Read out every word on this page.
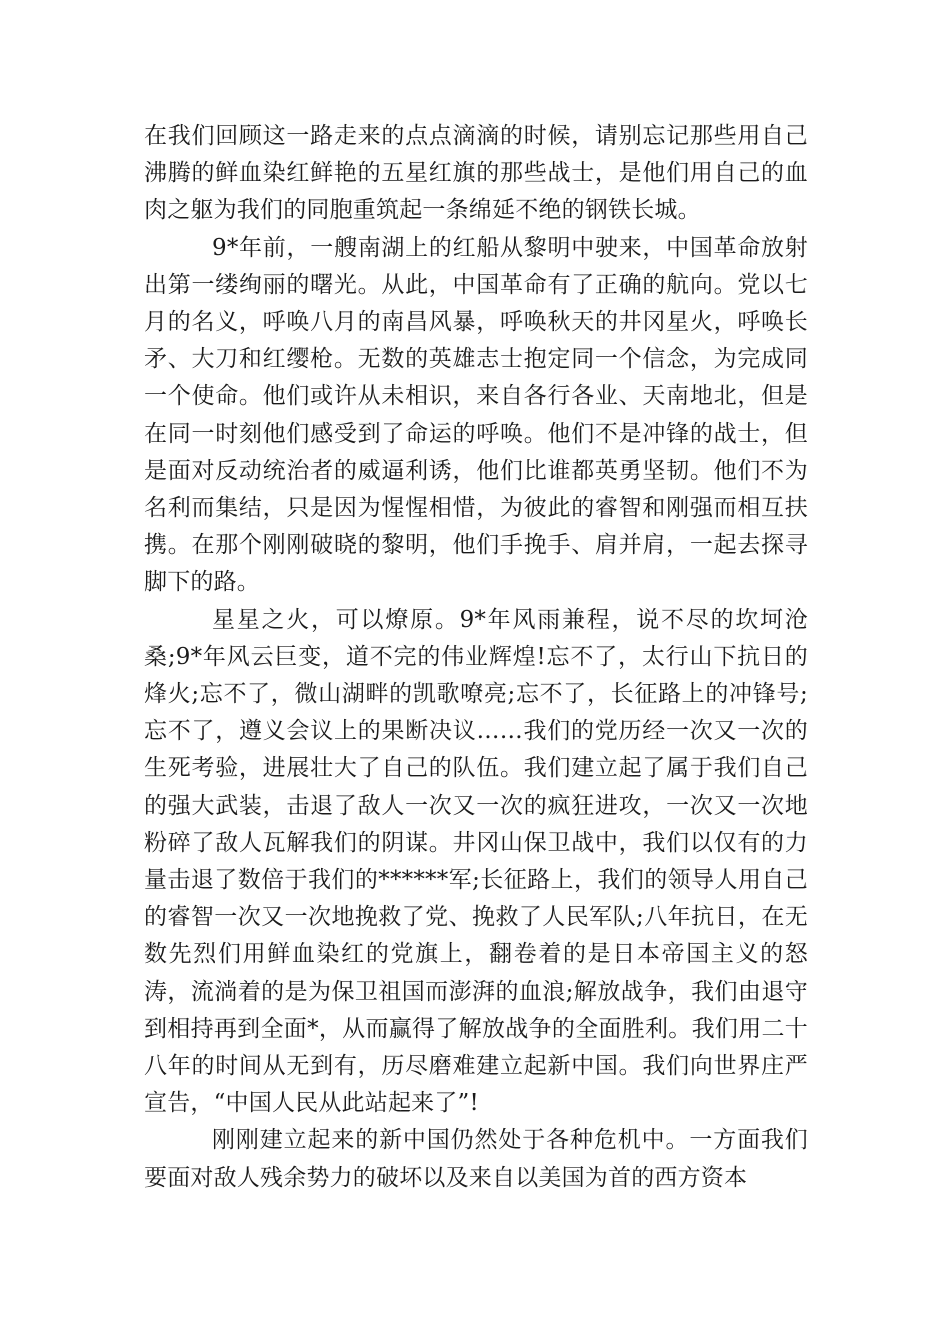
在我们回顾这一路走来的点点滴滴的时候，请别忘记那些用自己沸腾的鲜血染红鲜艳的五星红旗的那些战士，是他们用自己的血肉之躯为我们的同胞重筑起一条绵延不绝的钢铁长城。

9*年前，一艘南湖上的红船从黎明中驶来，中国革命放射出第一缕绚丽的曙光。从此，中国革命有了正确的航向。党以七月的名义，呼唤八月的南昌风暴，呼唤秋天的井冈星火，呼唤长矛、大刀和红缨枪。无数的英雄志士抱定同一个信念，为完成同一个使命。他们或许从未相识，来自各行各业、天南地北，但是在同一时刻他们感受到了命运的呼唤。他们不是冲锋的战士，但是面对反动统治者的威逼利诱，他们比谁都英勇坚韧。他们不为名利而集结，只是因为惺惺相惜，为彼此的睿智和刚强而相互扶携。在那个刚刚破晓的黎明，他们手挽手、肩并肩，一起去探寻脚下的路。

星星之火，可以燎原。9*年风雨兼程，说不尽的坎坷沧桑;9*年风云巨变，道不完的伟业辉煌!忘不了，太行山下抗日的烽火;忘不了，微山湖畔的凯歌嘹亮;忘不了，长征路上的冲锋号;忘不了，遵义会议上的果断决议……我们的党历经一次又一次的生死考验，进展壮大了自己的队伍。我们建立起了属于我们自己的强大武装，击退了敌人一次又一次的疯狂进攻，一次又一次地粉碎了敌人瓦解我们的阴谋。井冈山保卫战中，我们以仅有的力量击退了数倍于我们的******军;长征路上，我们的领导人用自己的睿智一次又一次地挽救了党、挽救了人民军队;八年抗日，在无数先烈们用鲜血染红的党旗上，翻卷着的是日本帝国主义的怒涛，流淌着的是为保卫祖国而澎湃的血浪;解放战争，我们由退守到相持再到全面*，从而赢得了解放战争的全面胜利。我们用二十八年的时间从无到有，历尽磨难建立起新中国。我们向世界庄严宣告，“中国人民从此站起来了”!

刚刚建立起来的新中国仍然处于各种危机中。一方面我们要面对敌人残余势力的破坏以及来自以美国为首的西方资本
